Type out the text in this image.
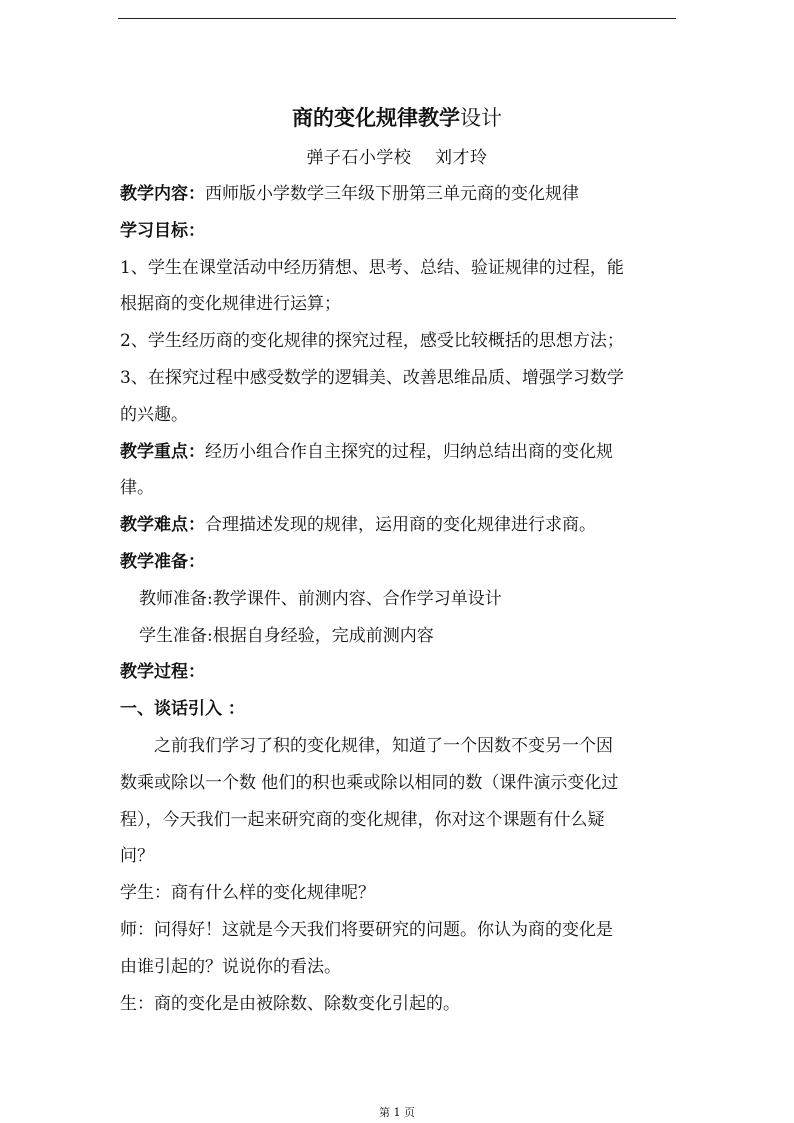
商的变化规律教学设计
弹子石小学校    刘才玲
教学内容：西师版小学数学三年级下册第三单元商的变化规律
学习目标：
1、学生在课堂活动中经历猜想、思考、总结、验证规律的过程，能
根据商的变化规律进行运算；
2、学生经历商的变化规律的探究过程，感受比较概括的思想方法；
3、在探究过程中感受数学的逻辑美、改善思维品质、增强学习数学
的兴趣。
教学重点：经历小组合作自主探究的过程，归纳总结出商的变化规
律。
教学难点：合理描述发现的规律，运用商的变化规律进行求商。
教学准备：
教师准备:教学课件、前测内容、合作学习单设计
学生准备:根据自身经验，完成前测内容
教学过程：
一、谈话引入 ：
之前我们学习了积的变化规律，知道了一个因数不变另一个因
数乘或除以一个数 他们的积也乘或除以相同的数（课件演示变化过
程），今天我们一起来研究商的变化规律，你对这个课题有什么疑
问？
学生：商有什么样的变化规律呢？
师：问得好！这就是今天我们将要研究的问题。你认为商的变化是
由谁引起的？说说你的看法。
生：商的变化是由被除数、除数变化引起的。
第 1 页
